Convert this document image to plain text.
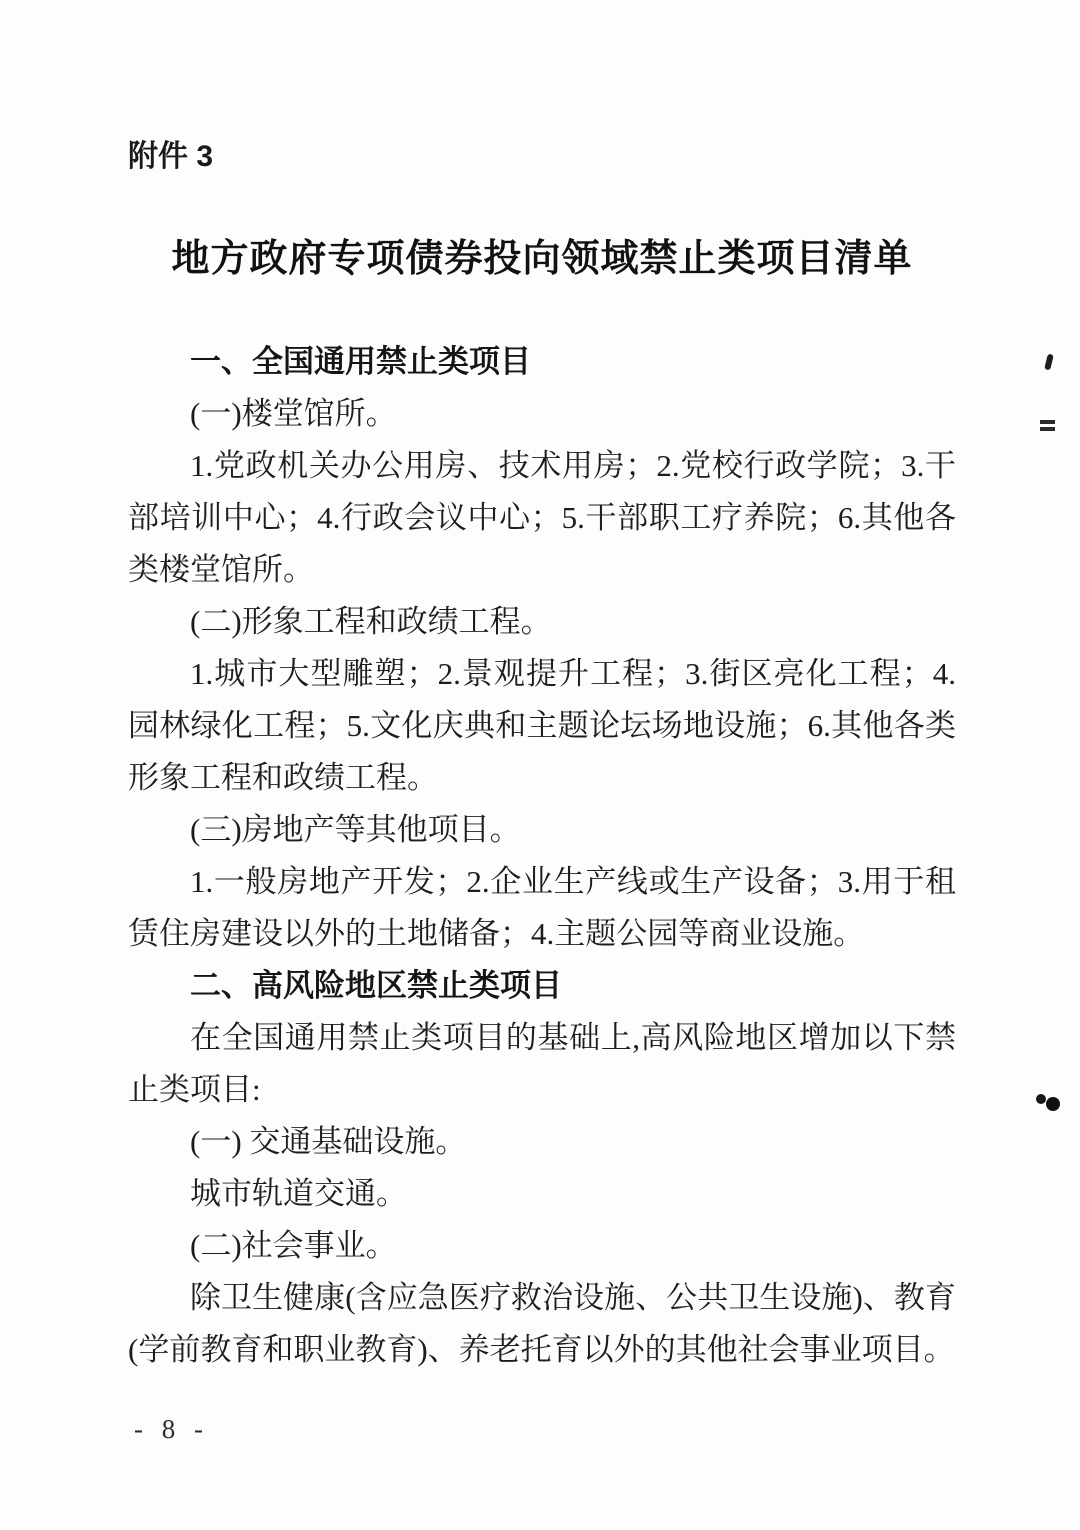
附件 3
地方政府专项债券投向领域禁止类项目清单

一、全国通用禁止类项目

(一)楼堂馆所。

1.党政机关办公用房、技术用房；2.党校行政学院；3.干部培训中心；4.行政会议中心；5.干部职工疗养院；6.其他各类楼堂馆所。

(二)形象工程和政绩工程。

1.城市大型雕塑；2.景观提升工程；3.街区亮化工程；4.园林绿化工程；5.文化庆典和主题论坛场地设施；6.其他各类形象工程和政绩工程。

(三)房地产等其他项目。

1.一般房地产开发；2.企业生产线或生产设备；3.用于租赁住房建设以外的土地储备；4.主题公园等商业设施。

二、高风险地区禁止类项目

在全国通用禁止类项目的基础上,高风险地区增加以下禁止类项目:

(一) 交通基础设施。

城市轨道交通。

(二)社会事业。

除卫生健康(含应急医疗救治设施、公共卫生设施)、教育(学前教育和职业教育)、养老托育以外的其他社会事业项目。

- 8 -
